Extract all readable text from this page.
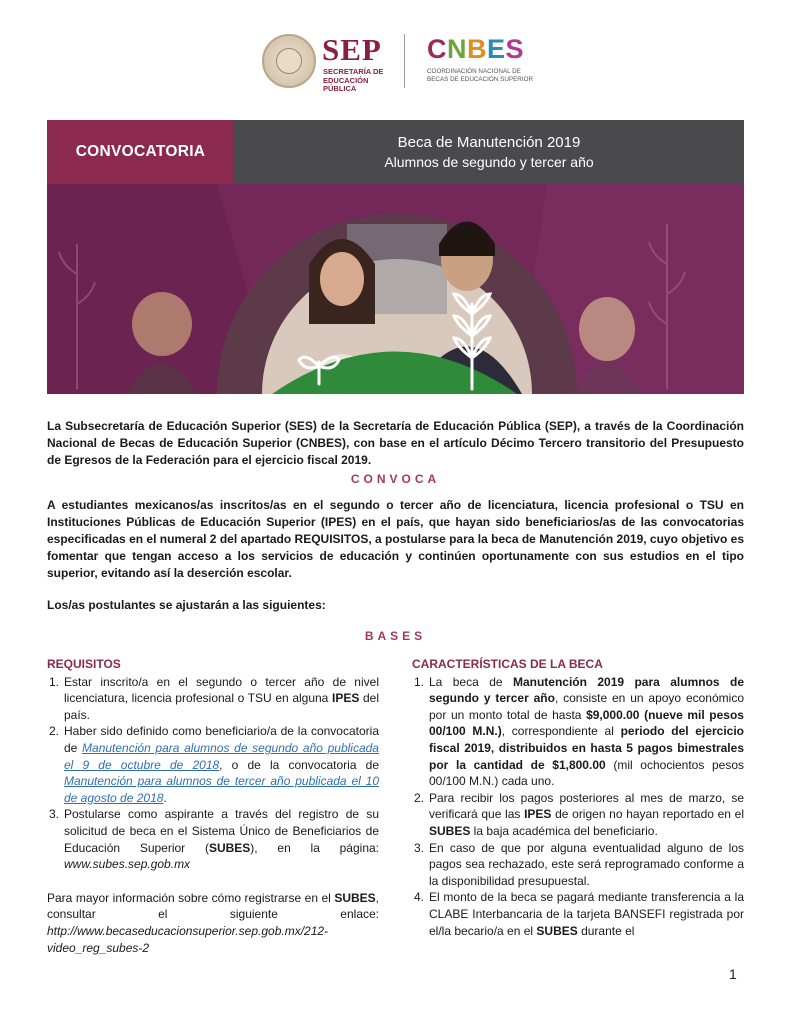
SEP
SECRETARÍA DE EDUCACIÓN PÚBLICA
CNBES
COORDINACIÓN NACIONAL DE BECAS DE EDUCACIÓN SUPERIOR
CONVOCATORIA
Beca de Manutención 2019
Alumnos de segundo y tercer año

La Subsecretaría de Educación Superior (SES) de la Secretaría de Educación Pública (SEP), a través de la Coordinación Nacional de Becas de Educación Superior (CNBES), con base en el artículo Décimo Tercero transitorio del Presupuesto de Egresos de la Federación para el ejercicio fiscal 2019.

CONVOCA

A estudiantes mexicanos/as inscritos/as en el segundo o tercer año de licenciatura, licencia profesional o TSU en Instituciones Públicas de Educación Superior (IPES) en el país, que hayan sido beneficiarios/as de las convocatorias especificadas en el numeral 2 del apartado REQUISITOS, a postularse para la beca de Manutención 2019, cuyo objetivo es fomentar que tengan acceso a los servicios de educación y continúen oportunamente con sus estudios en el tipo superior, evitando así la deserción escolar.

Los/as postulantes se ajustarán a las siguientes:

BASES
REQUISITOS
1. Estar inscrito/a en el segundo o tercer año de nivel licenciatura, licencia profesional o TSU en alguna IPES del país.
2. Haber sido definido como beneficiario/a de la convocatoria de Manutención para alumnos de segundo año publicada el 9 de octubre de 2018, o de la convocatoria de Manutención para alumnos de tercer año publicada el 10 de agosto de 2018.
3. Postularse como aspirante a través del registro de su solicitud de beca en el Sistema Único de Beneficiarios de Educación Superior (SUBES), en la página: www.subes.sep.gob.mx

Para mayor información sobre cómo registrarse en el SUBES, consultar el siguiente enlace: http://www.becaseducacionsuperior.sep.gob.mx/212-video_reg_subes-2

CARACTERÍSTICAS DE LA BECA
1. La beca de Manutención 2019 para alumnos de segundo y tercer año, consiste en un apoyo económico por un monto total de hasta $9,000.00 (nueve mil pesos 00/100 M.N.), correspondiente al periodo del ejercicio fiscal 2019, distribuidos en hasta 5 pagos bimestrales por la cantidad de $1,800.00 (mil ochocientos pesos 00/100 M.N.) cada uno.
2. Para recibir los pagos posteriores al mes de marzo, se verificará que las IPES de origen no hayan reportado en el SUBES la baja académica del beneficiario.
3. En caso de que por alguna eventualidad alguno de los pagos sea rechazado, este será reprogramado conforme a la disponibilidad presupuestal.
4. El monto de la beca se pagará mediante transferencia a la CLABE Interbancaria de la tarjeta BANSEFI registrada por el/la becario/a en el SUBES durante el
1
